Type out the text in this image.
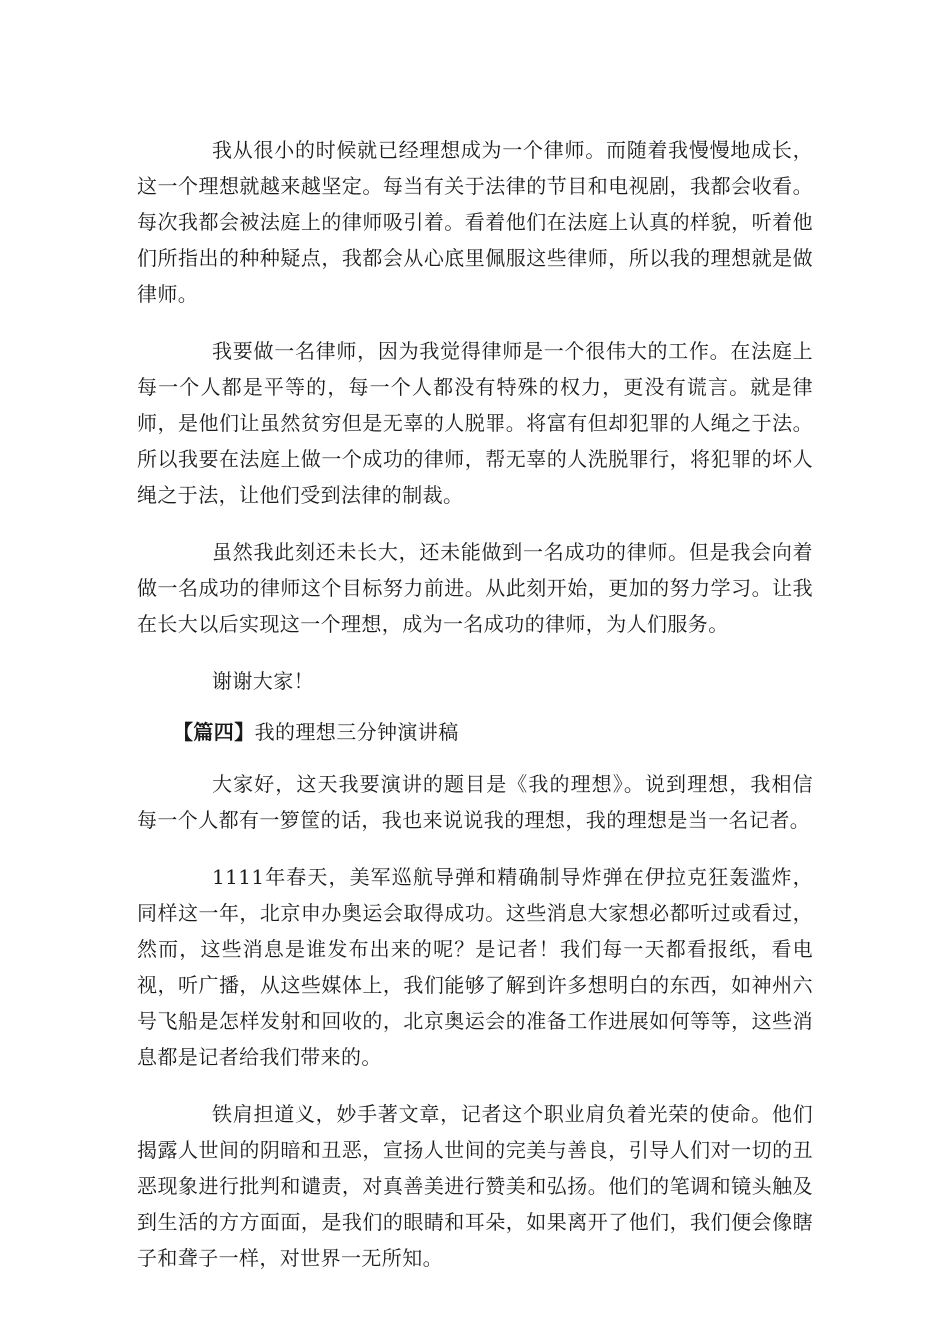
我从很小的时候就已经理想成为一个律师。而随着我慢慢地成长，这一个理想就越来越坚定。每当有关于法律的节目和电视剧，我都会收看。每次我都会被法庭上的律师吸引着。看着他们在法庭上认真的样貌，听着他们所指出的种种疑点，我都会从心底里佩服这些律师，所以我的理想就是做律师。

我要做一名律师，因为我觉得律师是一个很伟大的工作。在法庭上每一个人都是平等的，每一个人都没有特殊的权力，更没有谎言。就是律师，是他们让虽然贫穷但是无辜的人脱罪。将富有但却犯罪的人绳之于法。所以我要在法庭上做一个成功的律师，帮无辜的人洗脱罪行，将犯罪的坏人绳之于法，让他们受到法律的制裁。

虽然我此刻还未长大，还未能做到一名成功的律师。但是我会向着做一名成功的律师这个目标努力前进。从此刻开始，更加的努力学习。让我在长大以后实现这一个理想，成为一名成功的律师，为人们服务。

谢谢大家！

【篇四】我的理想三分钟演讲稿

大家好，这天我要演讲的题目是《我的理想》。说到理想，我相信每一个人都有一箩筐的话，我也来说说我的理想，我的理想是当一名记者。

1111年春天，美军巡航导弹和精确制导炸弹在伊拉克狂轰滥炸，同样这一年，北京申办奥运会取得成功。这些消息大家想必都听过或看过，然而，这些消息是谁发布出来的呢？是记者！我们每一天都看报纸，看电视，听广播，从这些媒体上，我们能够了解到许多想明白的东西，如神州六号飞船是怎样发射和回收的，北京奥运会的准备工作进展如何等等，这些消息都是记者给我们带来的。

铁肩担道义，妙手著文章，记者这个职业肩负着光荣的使命。他们揭露人世间的阴暗和丑恶，宣扬人世间的完美与善良，引导人们对一切的丑恶现象进行批判和谴责，对真善美进行赞美和弘扬。他们的笔调和镜头触及到生活的方方面面，是我们的眼睛和耳朵，如果离开了他们，我们便会像瞎子和聋子一样，对世界一无所知。
